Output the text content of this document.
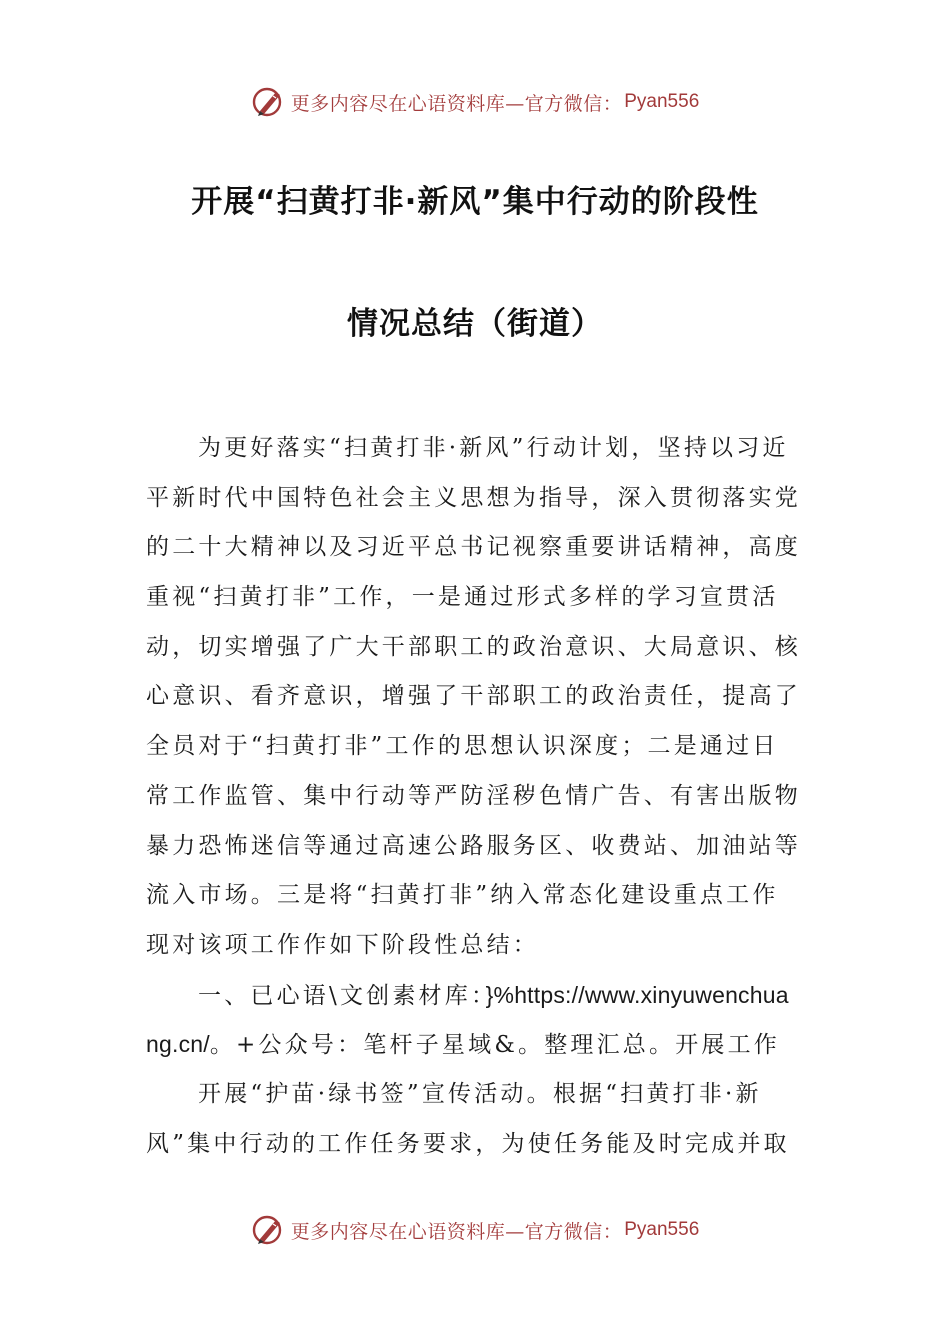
更多内容尽在心语资料库—官方微信： Pyan556
开展“扫黄打非·新风”集中行动的阶段性
情况总结（街道）
为更好落实“扫黄打非·新风”行动计划，坚持以习近
平新时代中国特色社会主义思想为指导，深入贯彻落实党
的二十大精神以及习近平总书记视察重要讲话精神，高度
重视“扫黄打非”工作，一是通过形式多样的学习宣贯活
动，切实增强了广大干部职工的政治意识、大局意识、核
心意识、看齐意识，增强了干部职工的政治责任，提高了
全员对于“扫黄打非”工作的思想认识深度；二是通过日
常工作监管、集中行动等严防淫秽色情广告、有害出版物
暴力恐怖迷信等通过高速公路服务区、收费站、加油站等
流入市场。三是将“扫黄打非”纳入常态化建设重点工作
现对该项工作作如下阶段性总结：
一、已心语\文创素材库：}%https://www.xinyuwenchua
ng.cn/。+公众号：笔杆子星域&。整理汇总。开展工作
开展“护苗·绿书签”宣传活动。根据“扫黄打非·新
风”集中行动的工作任务要求，为使任务能及时完成并取
更多内容尽在心语资料库—官方微信： Pyan556
